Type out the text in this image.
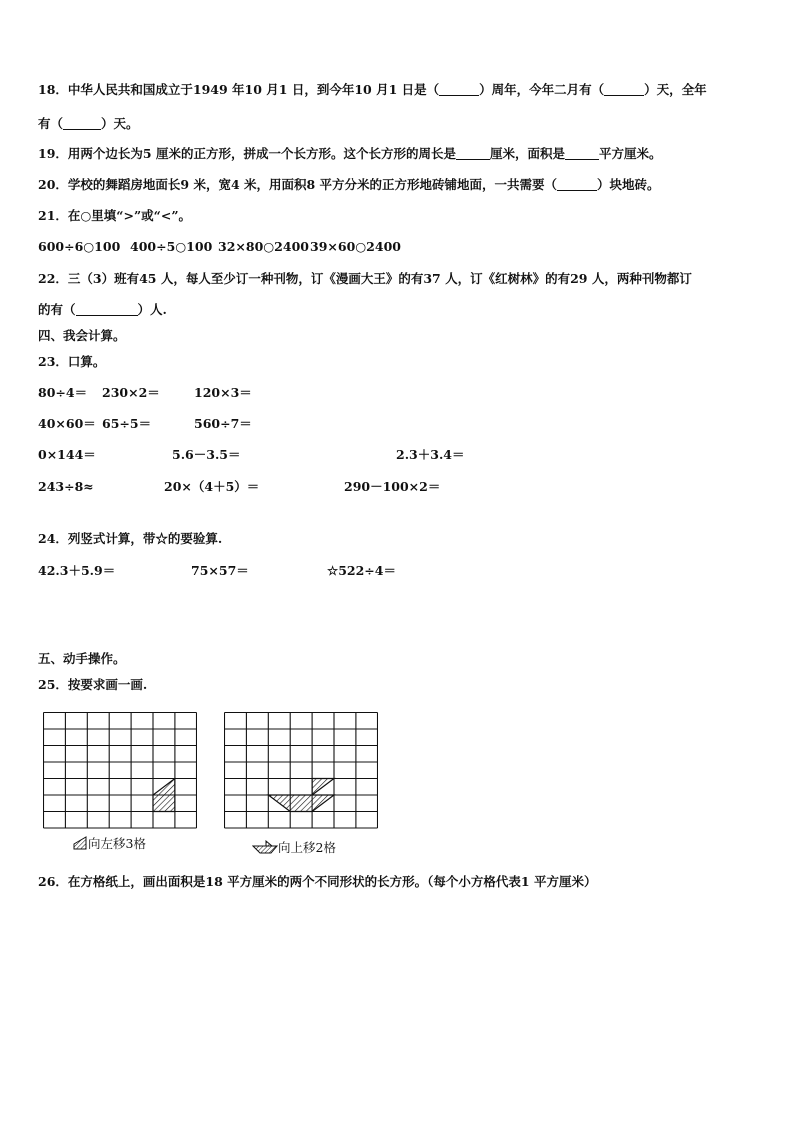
18．中华人民共和国成立于1949 年10 月1 日，到今年10 月1 日是（	）周年，今年二月有（	）天，全年
有（	）天。
19．用两个边长为5 厘米的正方形，拼成一个长方形。这个长方形的周长是	厘米，面积是	平方厘米。
20．学校的舞蹈房地面长9 米，宽4 米，用面积8 平方分米的正方形地砖铺地面，一共需要（	）块地砖。
21．在○里填“>”或“<”。
600÷6○100 400÷5○100 32×80○240039×60○2400
22．三（3）班有45 人，每人至少订一种刊物，订《漫画大王》的有37 人，订《红树林》的有29 人，两种刊物都订
的有（	）人.
四、我会计算。
23．口算。
80÷4＝ 230×2＝	120×3＝
40×60＝ 65÷5＝	560÷7＝
0×144＝	5.6－3.5＝	2.3＋3.4＝
243÷8≈	20×（4＋5）＝	290－100×2＝
24．列竖式计算，带☆的要验算.
42.3＋5.9＝	75×57＝	☆522÷4＝
五、动手操作。
25．按要求画一画.
向左移3格	向上移2格
26．在方格纸上，画出面积是18 平方厘米的两个不同形状的长方形。（每个小方格代表1 平方厘米）
